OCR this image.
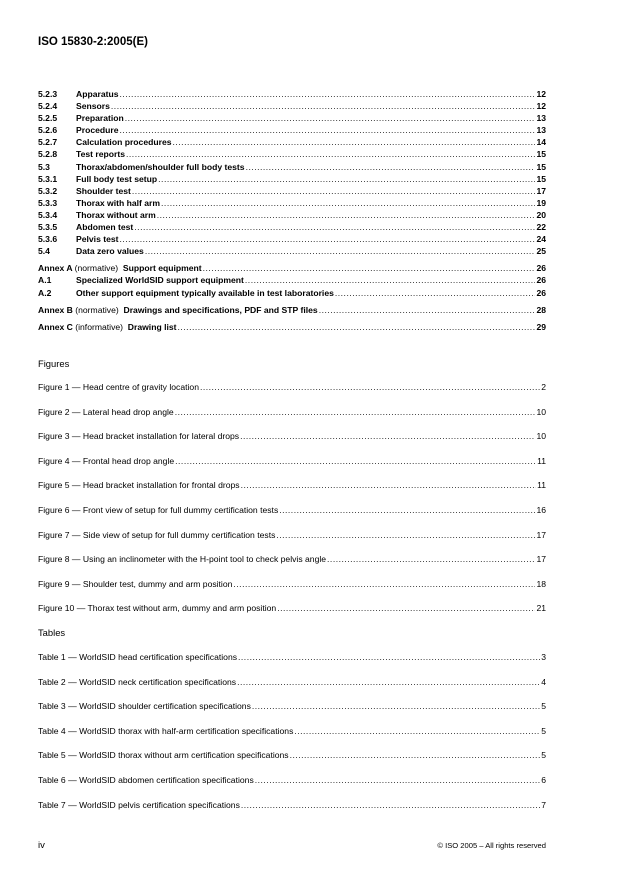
ISO 15830-2:2005(E)
5.2.3	Apparatus .....	12
5.2.4	Sensors .....	12
5.2.5	Preparation .....	13
5.2.6	Procedure .....	13
5.2.7	Calculation procedures .....	14
5.2.8	Test reports .....	15
5.3	Thorax/abdomen/shoulder full body tests .....	15
5.3.1	Full body test setup .....	15
5.3.2	Shoulder test .....	17
5.3.3	Thorax with half arm .....	19
5.3.4	Thorax without arm .....	20
5.3.5	Abdomen test .....	22
5.3.6	Pelvis test .....	24
5.4	Data zero values .....	25
Annex A (normative) Support equipment .....	26
A.1	Specialized WorldSID support equipment .....	26
A.2	Other support equipment typically available in test laboratories .....	26
Annex B (normative) Drawings and specifications, PDF and STP files .....	28
Annex C (informative) Drawing list .....	29
Figures
Figure 1 — Head centre of gravity location .....	2
Figure 2 — Lateral head drop angle .....	10
Figure 3 — Head bracket installation for lateral drops .....	10
Figure 4 — Frontal head drop angle .....	11
Figure 5 — Head bracket installation for frontal drops .....	11
Figure 6 — Front view of setup for full dummy certification tests .....	16
Figure 7 — Side view of setup for full dummy certification tests .....	17
Figure 8 — Using an inclinometer with the H-point tool to check pelvis angle .....	17
Figure 9 — Shoulder test, dummy and arm position .....	18
Figure 10 — Thorax test without arm, dummy and arm position .....	21
Tables
Table 1 — WorldSID head certification specifications .....	3
Table 2 — WorldSID neck certification specifications .....	4
Table 3 — WorldSID shoulder certification specifications .....	5
Table 4 — WorldSID thorax with half-arm certification specifications .....	5
Table 5 — WorldSID thorax without arm certification specifications .....	5
Table 6 — WorldSID abdomen certification specifications .....	6
Table 7 — WorldSID pelvis certification specifications .....	7
iv	© ISO 2005 – All rights reserved
